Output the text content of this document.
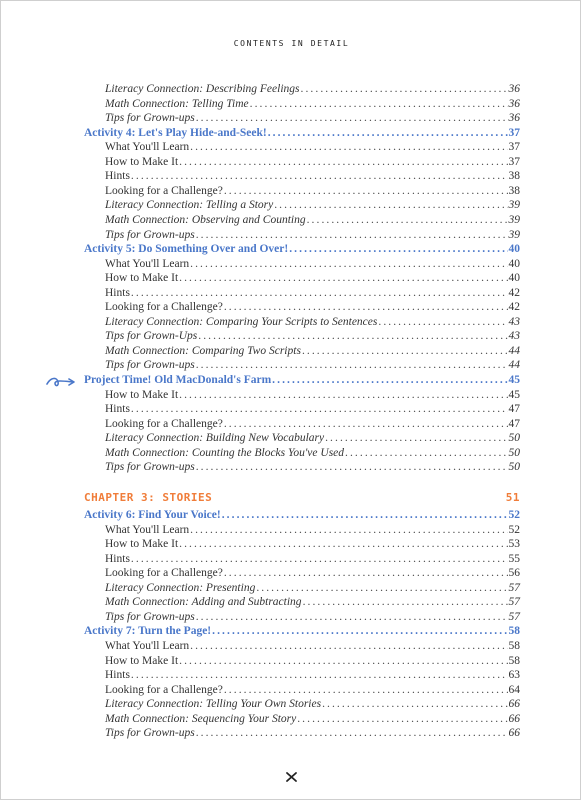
CONTENTS IN DETAIL
Literacy Connection: Describing Feelings . . .	36
Math Connection: Telling Time . . .	36
Tips for Grown-ups . . .	36
Activity 4: Let's Play Hide-and-Seek! . . .	37
What You'll Learn . . .	37
How to Make It . . .	37
Hints . . .	38
Looking for a Challenge? . . .	38
Literacy Connection: Telling a Story . . .	39
Math Connection: Observing and Counting . . .	39
Tips for Grown-ups . . .	39
Activity 5: Do Something Over and Over! . . .	40
What You'll Learn . . .	40
How to Make It . . .	40
Hints . . .	42
Looking for a Challenge? . . .	42
Literacy Connection: Comparing Your Scripts to Sentences . . .	43
Tips for Grown-Ups . . .	43
Math Connection: Comparing Two Scripts . . .	44
Tips for Grown-ups . . .	44
Project Time! Old MacDonald's Farm . . .	45
How to Make It . . .	45
Hints . . .	47
Looking for a Challenge? . . .	47
Literacy Connection: Building New Vocabulary . . .	50
Math Connection: Counting the Blocks You've Used . . .	50
Tips for Grown-ups . . .	50
CHAPTER 3: STORIES	51
Activity 6: Find Your Voice! . . .	52
What You'll Learn . . .	52
How to Make It . . .	53
Hints . . .	55
Looking for a Challenge? . . .	56
Literacy Connection: Presenting . . .	57
Math Connection: Adding and Subtracting . . .	57
Tips for Grown-ups . . .	57
Activity 7: Turn the Page! . . .	58
What You'll Learn . . .	58
How to Make It . . .	58
Hints . . .	63
Looking for a Challenge? . . .	64
Literacy Connection: Telling Your Own Stories . . .	66
Math Connection: Sequencing Your Story . . .	66
Tips for Grown-ups . . .	66
